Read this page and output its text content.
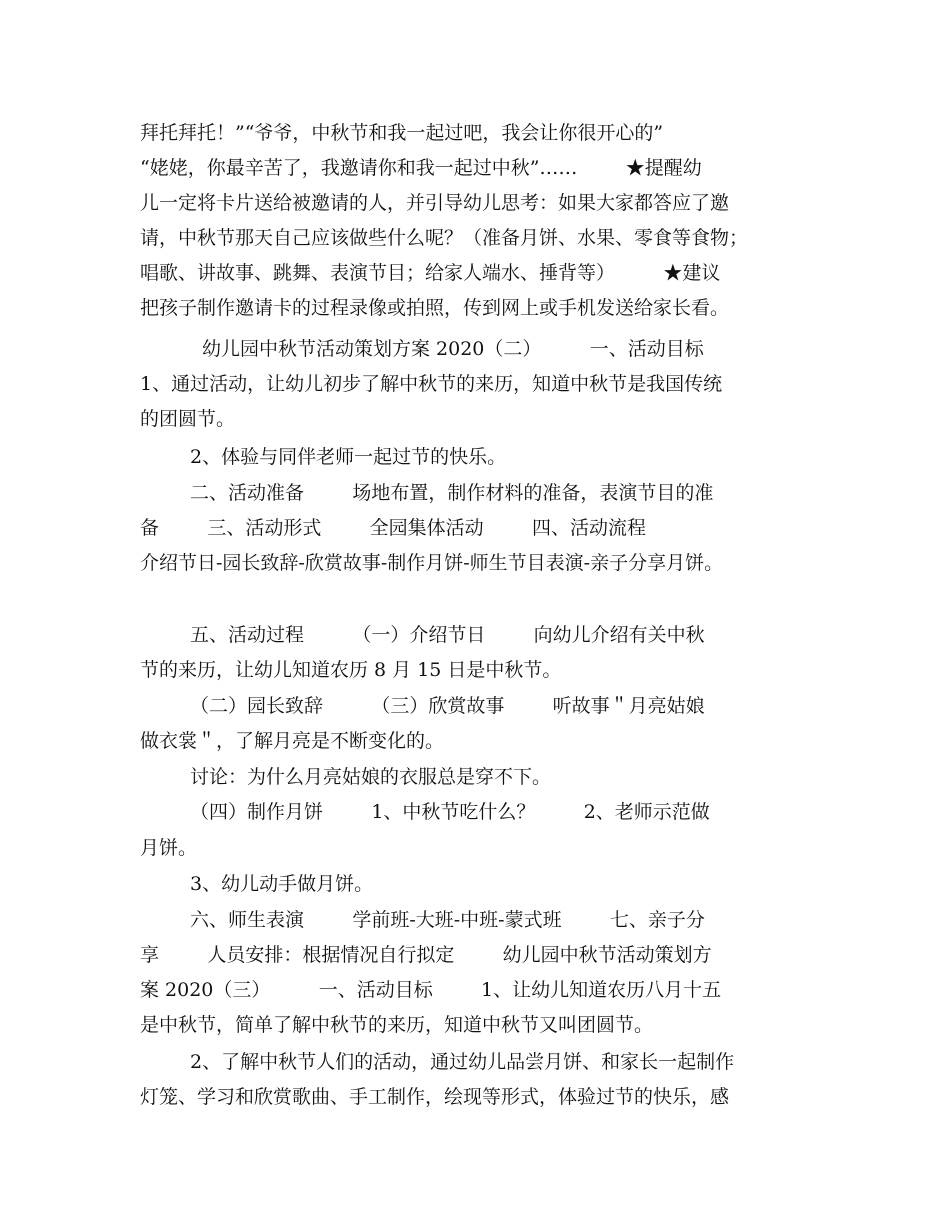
拜托拜托！”“爷爷，中秋节和我一起过吧，我会让你很开心的”
“姥姥，你最辛苦了，我邀请你和我一起过中秋”……        ★提醒幼
儿一定将卡片送给被邀请的人，并引导幼儿思考：如果大家都答应了邀
请，中秋节那天自己应该做些什么呢？（准备月饼、水果、零食等食物；
唱歌、讲故事、跳舞、表演节目；给家人端水、捶背等）        ★建议
把孩子制作邀请卡的过程录像或拍照，传到网上或手机发送给家长看。
幼儿园中秋节活动策划方案 2020（二）        一、活动目标
1、通过活动，让幼儿初步了解中秋节的来历，知道中秋节是我国传统
的团圆节。
2、体验与同伴老师一起过节的快乐。
二、活动准备        场地布置，制作材料的准备，表演节目的准
备        三、活动形式        全园集体活动        四、活动流程
介绍节日-园长致辞-欣赏故事-制作月饼-师生节目表演-亲子分享月饼。
五、活动过程        （一）介绍节日        向幼儿介绍有关中秋
节的来历，让幼儿知道农历 8 月 15 日是中秋节。
（二）园长致辞        （三）欣赏故事        听故事＂月亮姑娘
做衣裳＂，了解月亮是不断变化的。
讨论：为什么月亮姑娘的衣服总是穿不下。
（四）制作月饼        1、中秋节吃什么？        2、老师示范做
月饼。
3、幼儿动手做月饼。
六、师生表演        学前班-大班-中班-蒙式班        七、亲子分
享        人员安排：根据情况自行拟定        幼儿园中秋节活动策划方
案 2020（三）        一、活动目标        1、让幼儿知道农历八月十五
是中秋节，简单了解中秋节的来历，知道中秋节又叫团圆节。
2、了解中秋节人们的活动，通过幼儿品尝月饼、和家长一起制作
灯笼、学习和欣赏歌曲、手工制作，绘现等形式，体验过节的快乐，感
